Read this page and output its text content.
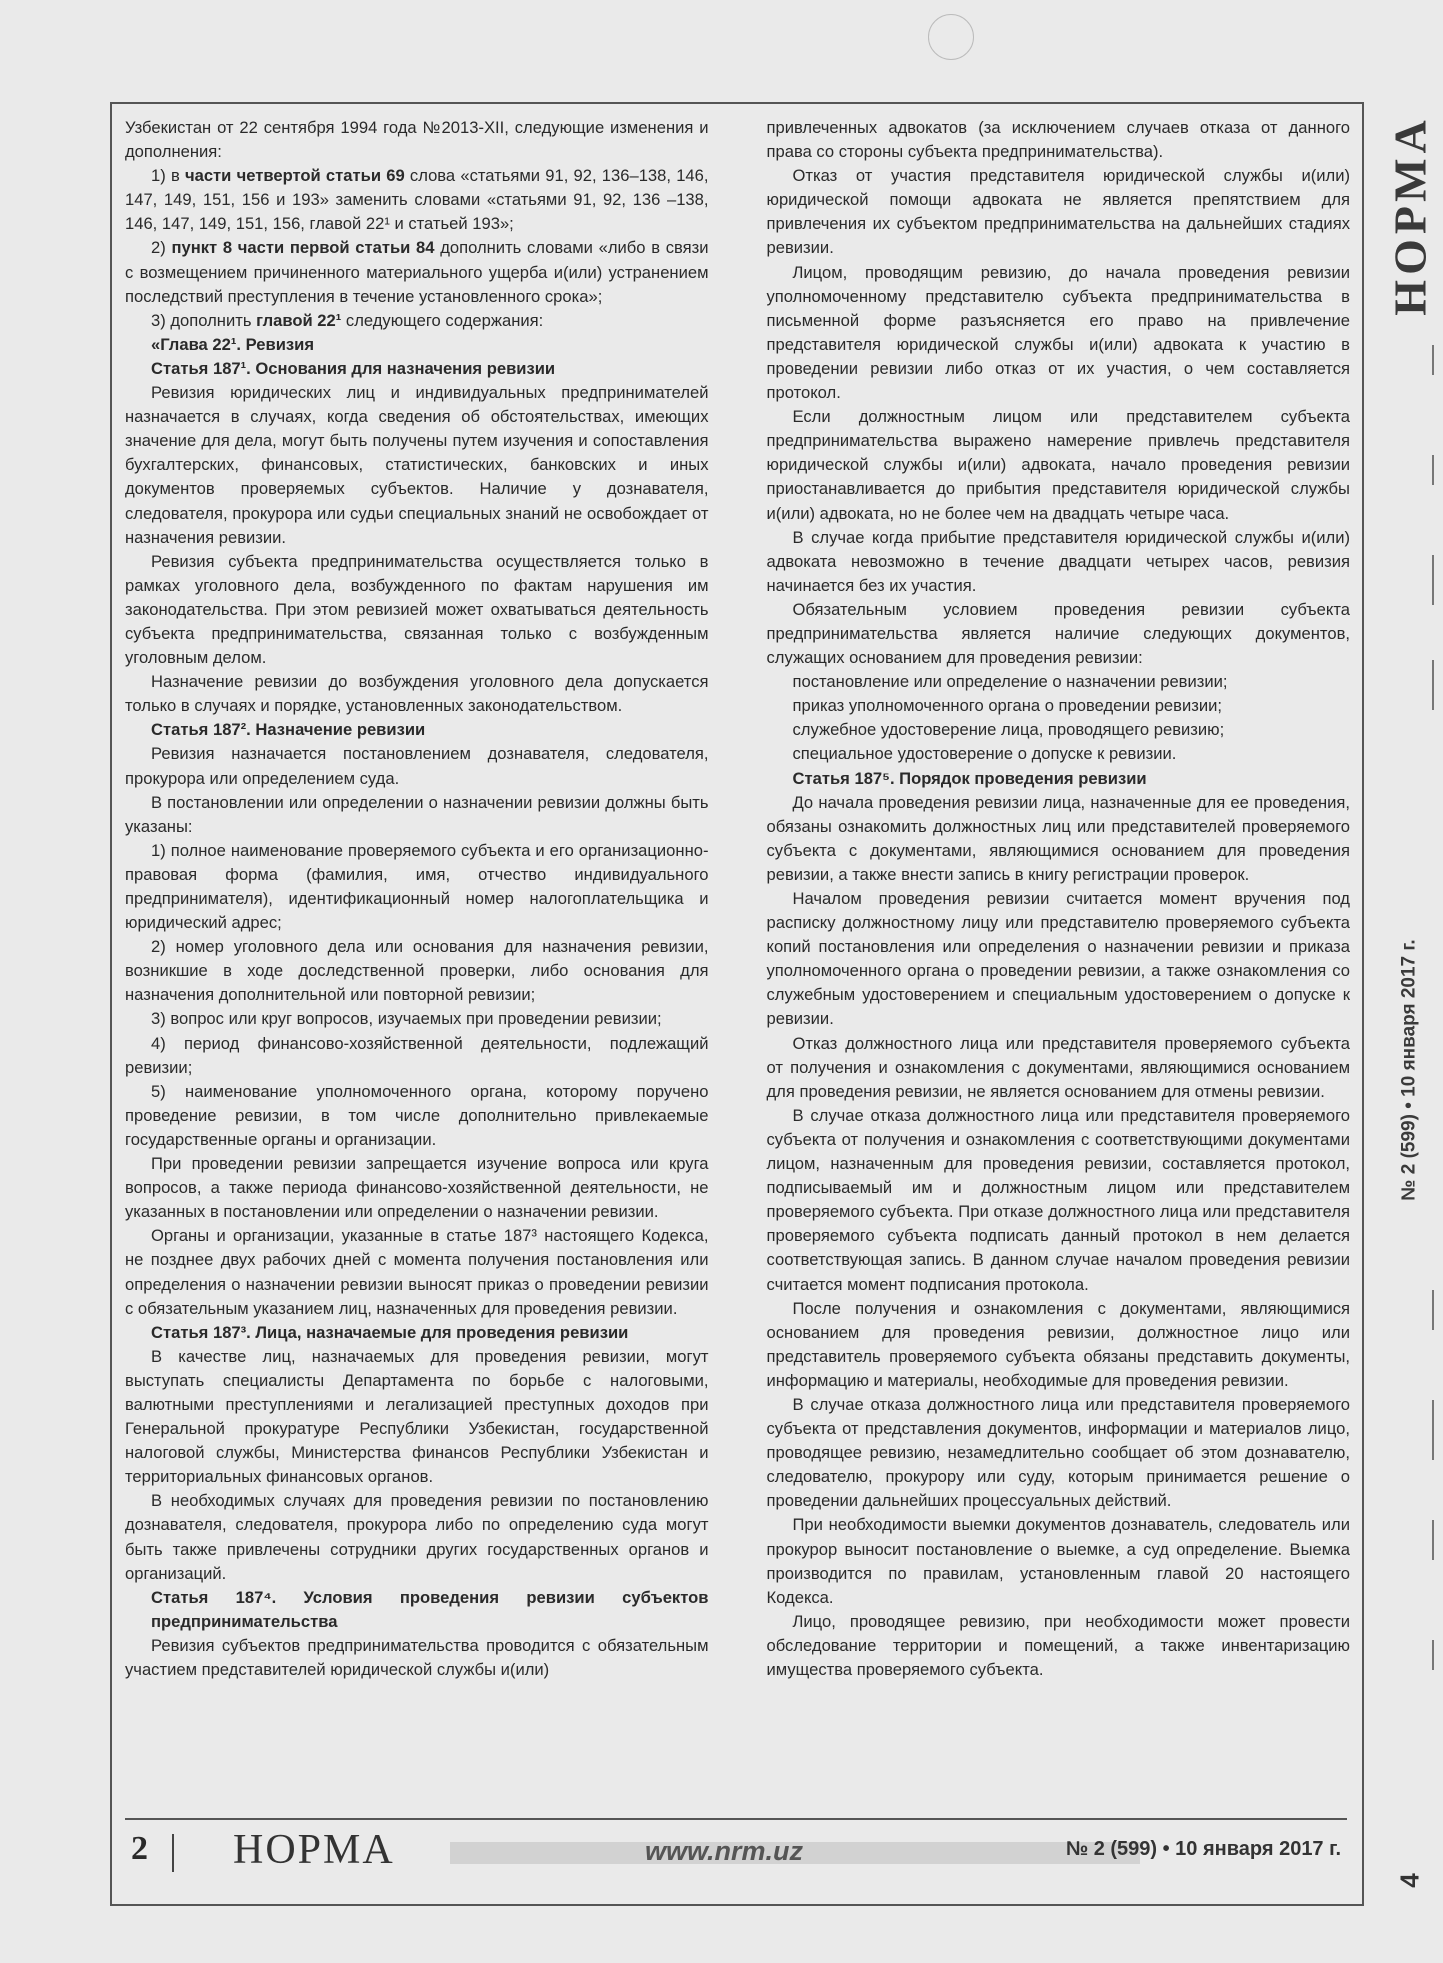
НОРМА
№ 2 (599) • 10 января 2017 г.
4

Узбекистан от 22 сентября 1994 года №2013-XII, следующие изменения и дополнения:

1) в части четвертой статьи 69 слова «статьями 91, 92, 136–138, 146, 147, 149, 151, 156 и 193» заменить словами «статьями 91, 92, 136 –138, 146, 147, 149, 151, 156, главой 22¹ и статьей 193»;

2) пункт 8 части первой статьи 84 дополнить словами «либо в связи с возмещением причиненного материального ущерба и(или) устранением последствий преступления в течение установленного срока»;

3) дополнить главой 22¹ следующего содержания:

«Глава 22¹. Ревизия

Статья 187¹. Основания для назначения ревизии

Ревизия юридических лиц и индивидуальных предпринимателей назначается в случаях, когда сведения об обстоятельствах, имеющих значение для дела, могут быть получены путем изучения и сопоставления бухгалтерских, финансовых, статистических, банковских и иных документов проверяемых субъектов. Наличие у дознавателя, следователя, прокурора или судьи специальных знаний не освобождает от назначения ревизии.

Ревизия субъекта предпринимательства осуществляется только в рамках уголовного дела, возбужденного по фактам нарушения им законодательства. При этом ревизией может охватываться деятельность субъекта предпринимательства, связанная только с возбужденным уголовным делом.

Назначение ревизии до возбуждения уголовного дела допускается только в случаях и порядке, установленных законодательством.

Статья 187². Назначение ревизии

Ревизия назначается постановлением дознавателя, следователя, прокурора или определением суда.

В постановлении или определении о назначении ревизии должны быть указаны:

1) полное наименование проверяемого субъекта и его организационно-правовая форма (фамилия, имя, отчество индивидуального предпринимателя), идентификационный номер налогоплательщика и юридический адрес;

2) номер уголовного дела или основания для назначения ревизии, возникшие в ходе доследственной проверки, либо основания для назначения дополнительной или повторной ревизии;

3) вопрос или круг вопросов, изучаемых при проведении ревизии;

4) период финансово-хозяйственной деятельности, подлежащий ревизии;

5) наименование уполномоченного органа, которому поручено проведение ревизии, в том числе дополнительно привлекаемые государственные органы и организации.

При проведении ревизии запрещается изучение вопроса или круга вопросов, а также периода финансово-хозяйственной деятельности, не указанных в постановлении или определении о назначении ревизии.

Органы и организации, указанные в статье 187³ настоящего Кодекса, не позднее двух рабочих дней с момента получения постановления или определения о назначении ревизии выносят приказ о проведении ревизии с обязательным указанием лиц, назначенных для проведения ревизии.

Статья 187³. Лица, назначаемые для проведения ревизии

В качестве лиц, назначаемых для проведения ревизии, могут выступать специалисты Департамента по борьбе с налоговыми, валютными преступлениями и легализацией преступных доходов при Генеральной прокуратуре Республики Узбекистан, государственной налоговой службы, Министерства финансов Республики Узбекистан и территориальных финансовых органов.

В необходимых случаях для проведения ревизии по постановлению дознавателя, следователя, прокурора либо по определению суда могут быть также привлечены сотрудники других государственных органов и организаций.

Статья 187⁴. Условия проведения ревизии субъектов предпринимательства

Ревизия субъектов предпринимательства проводится с обязательным участием представителей юридической службы и(или)

привлеченных адвокатов (за исключением случаев отказа от данного права со стороны субъекта предпринимательства).

Отказ от участия представителя юридической службы и(или) юридической помощи адвоката не является препятствием для привлечения их субъектом предпринимательства на дальнейших стадиях ревизии.

Лицом, проводящим ревизию, до начала проведения ревизии уполномоченному представителю субъекта предпринимательства в письменной форме разъясняется его право на привлечение представителя юридической службы и(или) адвоката к участию в проведении ревизии либо отказ от их участия, о чем составляется протокол.

Если должностным лицом или представителем субъекта предпринимательства выражено намерение привлечь представителя юридической службы и(или) адвоката, начало проведения ревизии приостанавливается до прибытия представителя юридической службы и(или) адвоката, но не более чем на двадцать четыре часа.

В случае когда прибытие представителя юридической службы и(или) адвоката невозможно в течение двадцати четырех часов, ревизия начинается без их участия.

Обязательным условием проведения ревизии субъекта предпринимательства является наличие следующих документов, служащих основанием для проведения ревизии:

постановление или определение о назначении ревизии;

приказ уполномоченного органа о проведении ревизии;

служебное удостоверение лица, проводящего ревизию;

специальное удостоверение о допуске к ревизии.

Статья 187⁵. Порядок проведения ревизии

До начала проведения ревизии лица, назначенные для ее проведения, обязаны ознакомить должностных лиц или представителей проверяемого субъекта с документами, являющимися основанием для проведения ревизии, а также внести запись в книгу регистрации проверок.

Началом проведения ревизии считается момент вручения под расписку должностному лицу или представителю проверяемого субъекта копий постановления или определения о назначении ревизии и приказа уполномоченного органа о проведении ревизии, а также ознакомления со служебным удостоверением и специальным удостоверением о допуске к ревизии.

Отказ должностного лица или представителя проверяемого субъекта от получения и ознакомления с документами, являющимися основанием для проведения ревизии, не является основанием для отмены ревизии.

В случае отказа должностного лица или представителя проверяемого субъекта от получения и ознакомления с соответствующими документами лицом, назначенным для проведения ревизии, составляется протокол, подписываемый им и должностным лицом или представителем проверяемого субъекта. При отказе должностного лица или представителя проверяемого субъекта подписать данный протокол в нем делается соответствующая запись. В данном случае началом проведения ревизии считается момент подписания протокола.

После получения и ознакомления с документами, являющимися основанием для проведения ревизии, должностное лицо или представитель проверяемого субъекта обязаны представить документы, информацию и материалы, необходимые для проведения ревизии.

В случае отказа должностного лица или представителя проверяемого субъекта от представления документов, информации и материалов лицо, проводящее ревизию, незамедлительно сообщает об этом дознавателю, следователю, прокурору или суду, которым принимается решение о проведении дальнейших процессуальных действий.

При необходимости выемки документов дознаватель, следователь или прокурор выносит постановление о выемке, а суд определение. Выемка производится по правилам, установленным главой 20 настоящего Кодекса.

Лицо, проводящее ревизию, при необходимости может провести обследование территории и помещений, а также инвентаризацию имущества проверяемого субъекта.

2 НОРМА	www.nrm.uz	№ 2 (599) • 10 января 2017 г.
